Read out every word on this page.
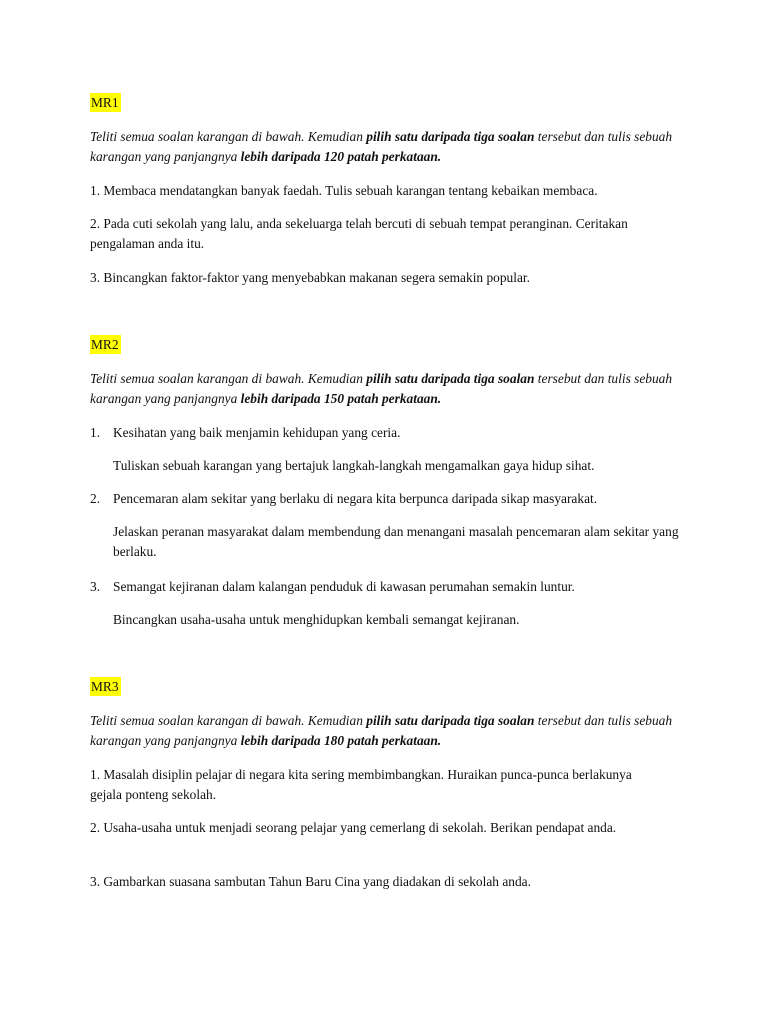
MR1

Teliti semua soalan karangan di bawah. Kemudian pilih satu daripada tiga soalan tersebut dan tulis sebuah karangan yang panjangnya lebih daripada 120 patah perkataan.

1. Membaca mendatangkan banyak faedah. Tulis sebuah karangan tentang kebaikan membaca.

2. Pada cuti sekolah yang lalu, anda sekeluarga telah bercuti di sebuah tempat peranginan. Ceritakan pengalaman anda itu.

3. Bincangkan faktor-faktor yang menyebabkan makanan segera semakin popular.

MR2

Teliti semua soalan karangan di bawah. Kemudian pilih satu daripada tiga soalan tersebut dan tulis sebuah karangan yang panjangnya lebih daripada 150 patah perkataan.

1. Kesihatan yang baik menjamin kehidupan yang ceria.

Tuliskan sebuah karangan yang bertajuk langkah-langkah mengamalkan gaya hidup sihat.

2. Pencemaran alam sekitar yang berlaku di negara kita berpunca daripada sikap masyarakat.

Jelaskan peranan masyarakat dalam membendung dan menangani masalah pencemaran alam sekitar yang berlaku.

3. Semangat kejiranan dalam kalangan penduduk di kawasan perumahan semakin luntur.

Bincangkan usaha-usaha untuk menghidupkan kembali semangat kejiranan.

MR3

Teliti semua soalan karangan di bawah. Kemudian pilih satu daripada tiga soalan tersebut dan tulis sebuah karangan yang panjangnya lebih daripada 180 patah perkataan.

1. Masalah disiplin pelajar di negara kita sering membimbangkan. Huraikan punca-punca berlakunya gejala ponteng sekolah.

2. Usaha-usaha untuk menjadi seorang pelajar yang cemerlang di sekolah. Berikan pendapat anda.

3. Gambarkan suasana sambutan Tahun Baru Cina yang diadakan di sekolah anda.
